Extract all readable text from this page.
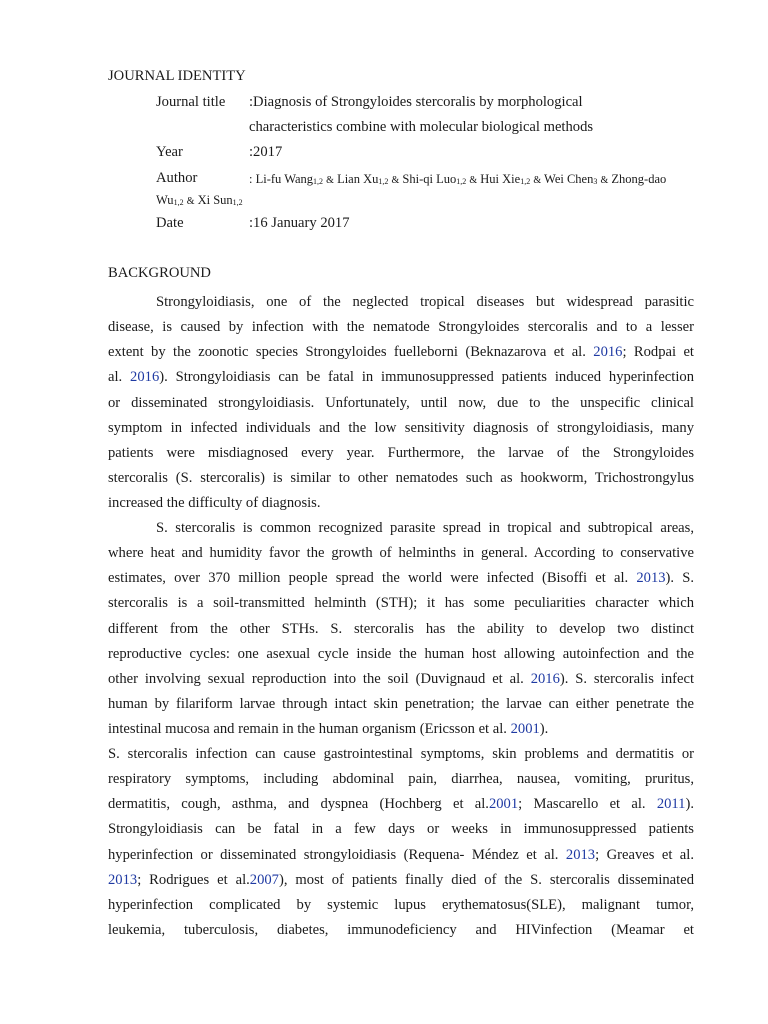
JOURNAL IDENTITY
Journal title :Diagnosis of Strongyloides stercoralis by morphological
characteristics combine with molecular biological methods
Year	:2017
Author	: Li-fu Wang$_{1,2}$ & Lian $Xu_{1,2}$ & Shi-qi Luo$_{1,2}$ & Hui Xie$_{1,2}$ & Wei Chen$_3$ & Zhong-dao
$Wu_{1,2}$ & Xi Sun$_{1,2}$
Date	:16 January 2017
BACKGROUND
Strongyloidiasis, one of the neglected tropical diseases but widespread parasitic
disease, is caused by infection with the nematode Strongyloides stercoralis and to a lesser
extent by the zoonotic species Strongyloides fuelleborni (Beknazarova et al. 2016; Rodpai et
al. 2016). Strongyloidiasis can be fatal in immunosuppressed patients induced hyperinfection
or disseminated strongyloidiasis. Unfortunately, until now, due to the unspecific clinical
symptom in infected individuals and the low sensitivity diagnosis of strongyloidiasis, many
patients were misdiagnosed every year. Furthermore, the larvae of the Strongyloides
stercoralis (S. stercoralis) is similar to other nematodes such as hookworm, Trichostrongylus
increased the difficulty of diagnosis.
S. stercoralis is common recognized parasite spread in tropical and subtropical areas,
where heat and humidity favor the growth of helminths in general. According to conservative
estimates, over 370 million people spread the world were infected (Bisoffi et al. 2013). S.
stercoralis is a soil-transmitted helminth (STH); it has some peculiarities character which
different from the other STHs. S. stercoralis has the ability to develop two distinct
reproductive cycles: one asexual cycle inside the human host allowing autoinfection and the
other involving sexual reproduction into the soil (Duvignaud et al. 2016). S. stercoralis infect
human by filariform larvae through intact skin penetration; the larvae can either penetrate the
intestinal mucosa and remain in the human organism (Ericsson et al. 2001).
S. stercoralis infection can cause gastrointestinal symptoms, skin problems and dermatitis or
respiratory symptoms, including abdominal pain, diarrhea, nausea, vomiting, pruritus,
dermatitis, cough, asthma, and dyspnea (Hochberg et al.2001; Mascarello et al. 2011).
Strongyloidiasis can be fatal in a few days or weeks in immunosuppressed patients
hyperinfection or disseminated strongyloidiasis (Requena- Méndez et al. 2013; Greaves et al.
2013; Rodrigues et al.2007), most of patients finally died of the S. stercoralis disseminated
hyperinfection complicated by systemic lupus erythematosus(SLE), malignant tumor,
leukemia, tuberculosis, diabetes, immunodeficiency and HIVinfection (Meamar et
